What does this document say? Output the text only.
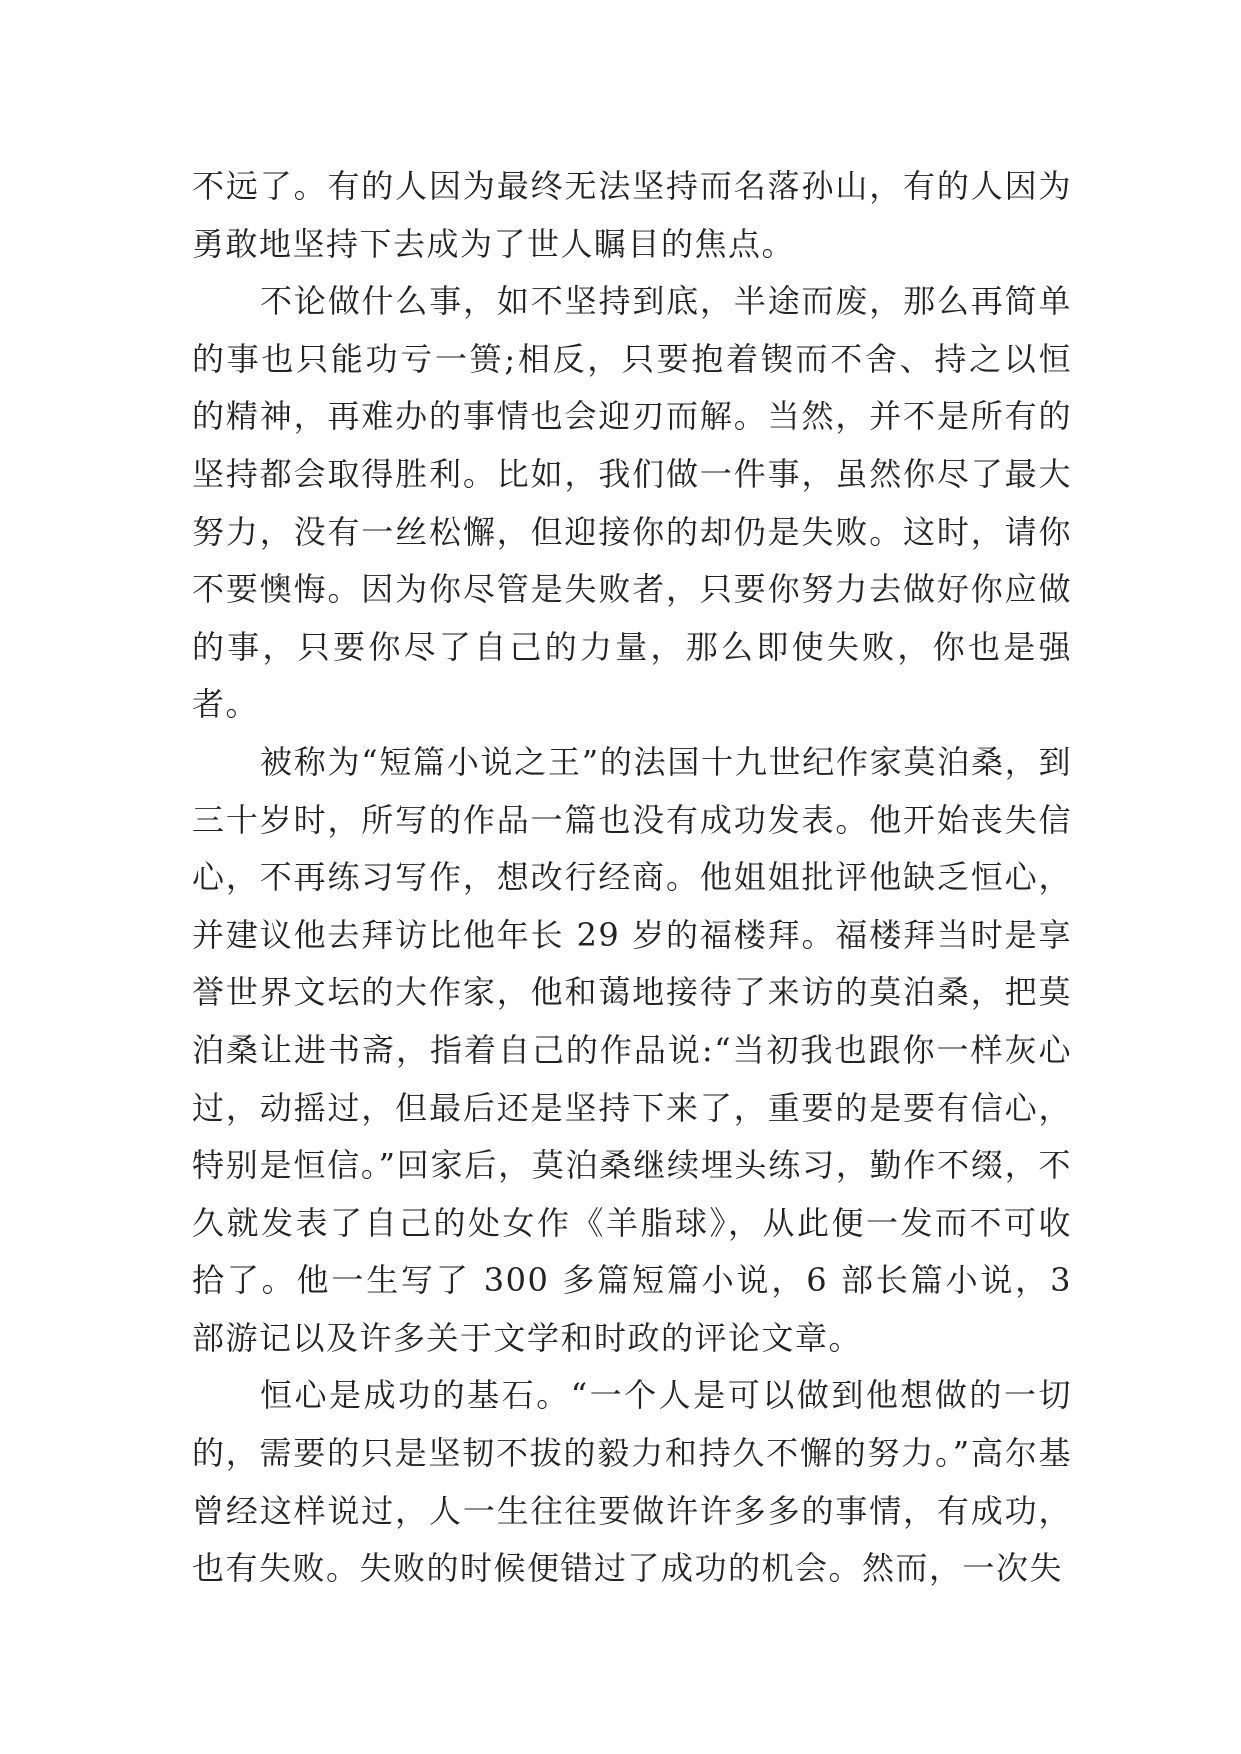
不远了。有的人因为最终无法坚持而名落孙山，有的人因为勇敢地坚持下去成为了世人瞩目的焦点。

不论做什么事，如不坚持到底，半途而废，那么再简单的事也只能功亏一篑;相反，只要抱着锲而不舍、持之以恒的精神，再难办的事情也会迎刃而解。当然，并不是所有的坚持都会取得胜利。比如，我们做一件事，虽然你尽了最大努力，没有一丝松懈，但迎接你的却仍是失败。这时，请你不要懊悔。因为你尽管是失败者，只要你努力去做好你应做的事，只要你尽了自己的力量，那么即使失败，你也是强者。

被称为“短篇小说之王”的法国十九世纪作家莫泊桑，到三十岁时，所写的作品一篇也没有成功发表。他开始丧失信心，不再练习写作，想改行经商。他姐姐批评他缺乏恒心，并建议他去拜访比他年长 29 岁的福楼拜。福楼拜当时是享誉世界文坛的大作家，他和蔼地接待了来访的莫泊桑，把莫泊桑让进书斋，指着自己的作品说:“当初我也跟你一样灰心过，动摇过，但最后还是坚持下来了，重要的是要有信心，特别是恒信。”回家后，莫泊桑继续埋头练习，勤作不缀，不久就发表了自己的处女作《羊脂球》，从此便一发而不可收拾了。他一生写了 300 多篇短篇小说，6 部长篇小说，3 部游记以及许多关于文学和时政的评论文章。

恒心是成功的基石。“一个人是可以做到他想做的一切的，需要的只是坚韧不拔的毅力和持久不懈的努力。”高尔基曾经这样说过，人一生往往要做许许多多的事情，有成功，也有失败。失败的时候便错过了成功的机会。然而，一次失
